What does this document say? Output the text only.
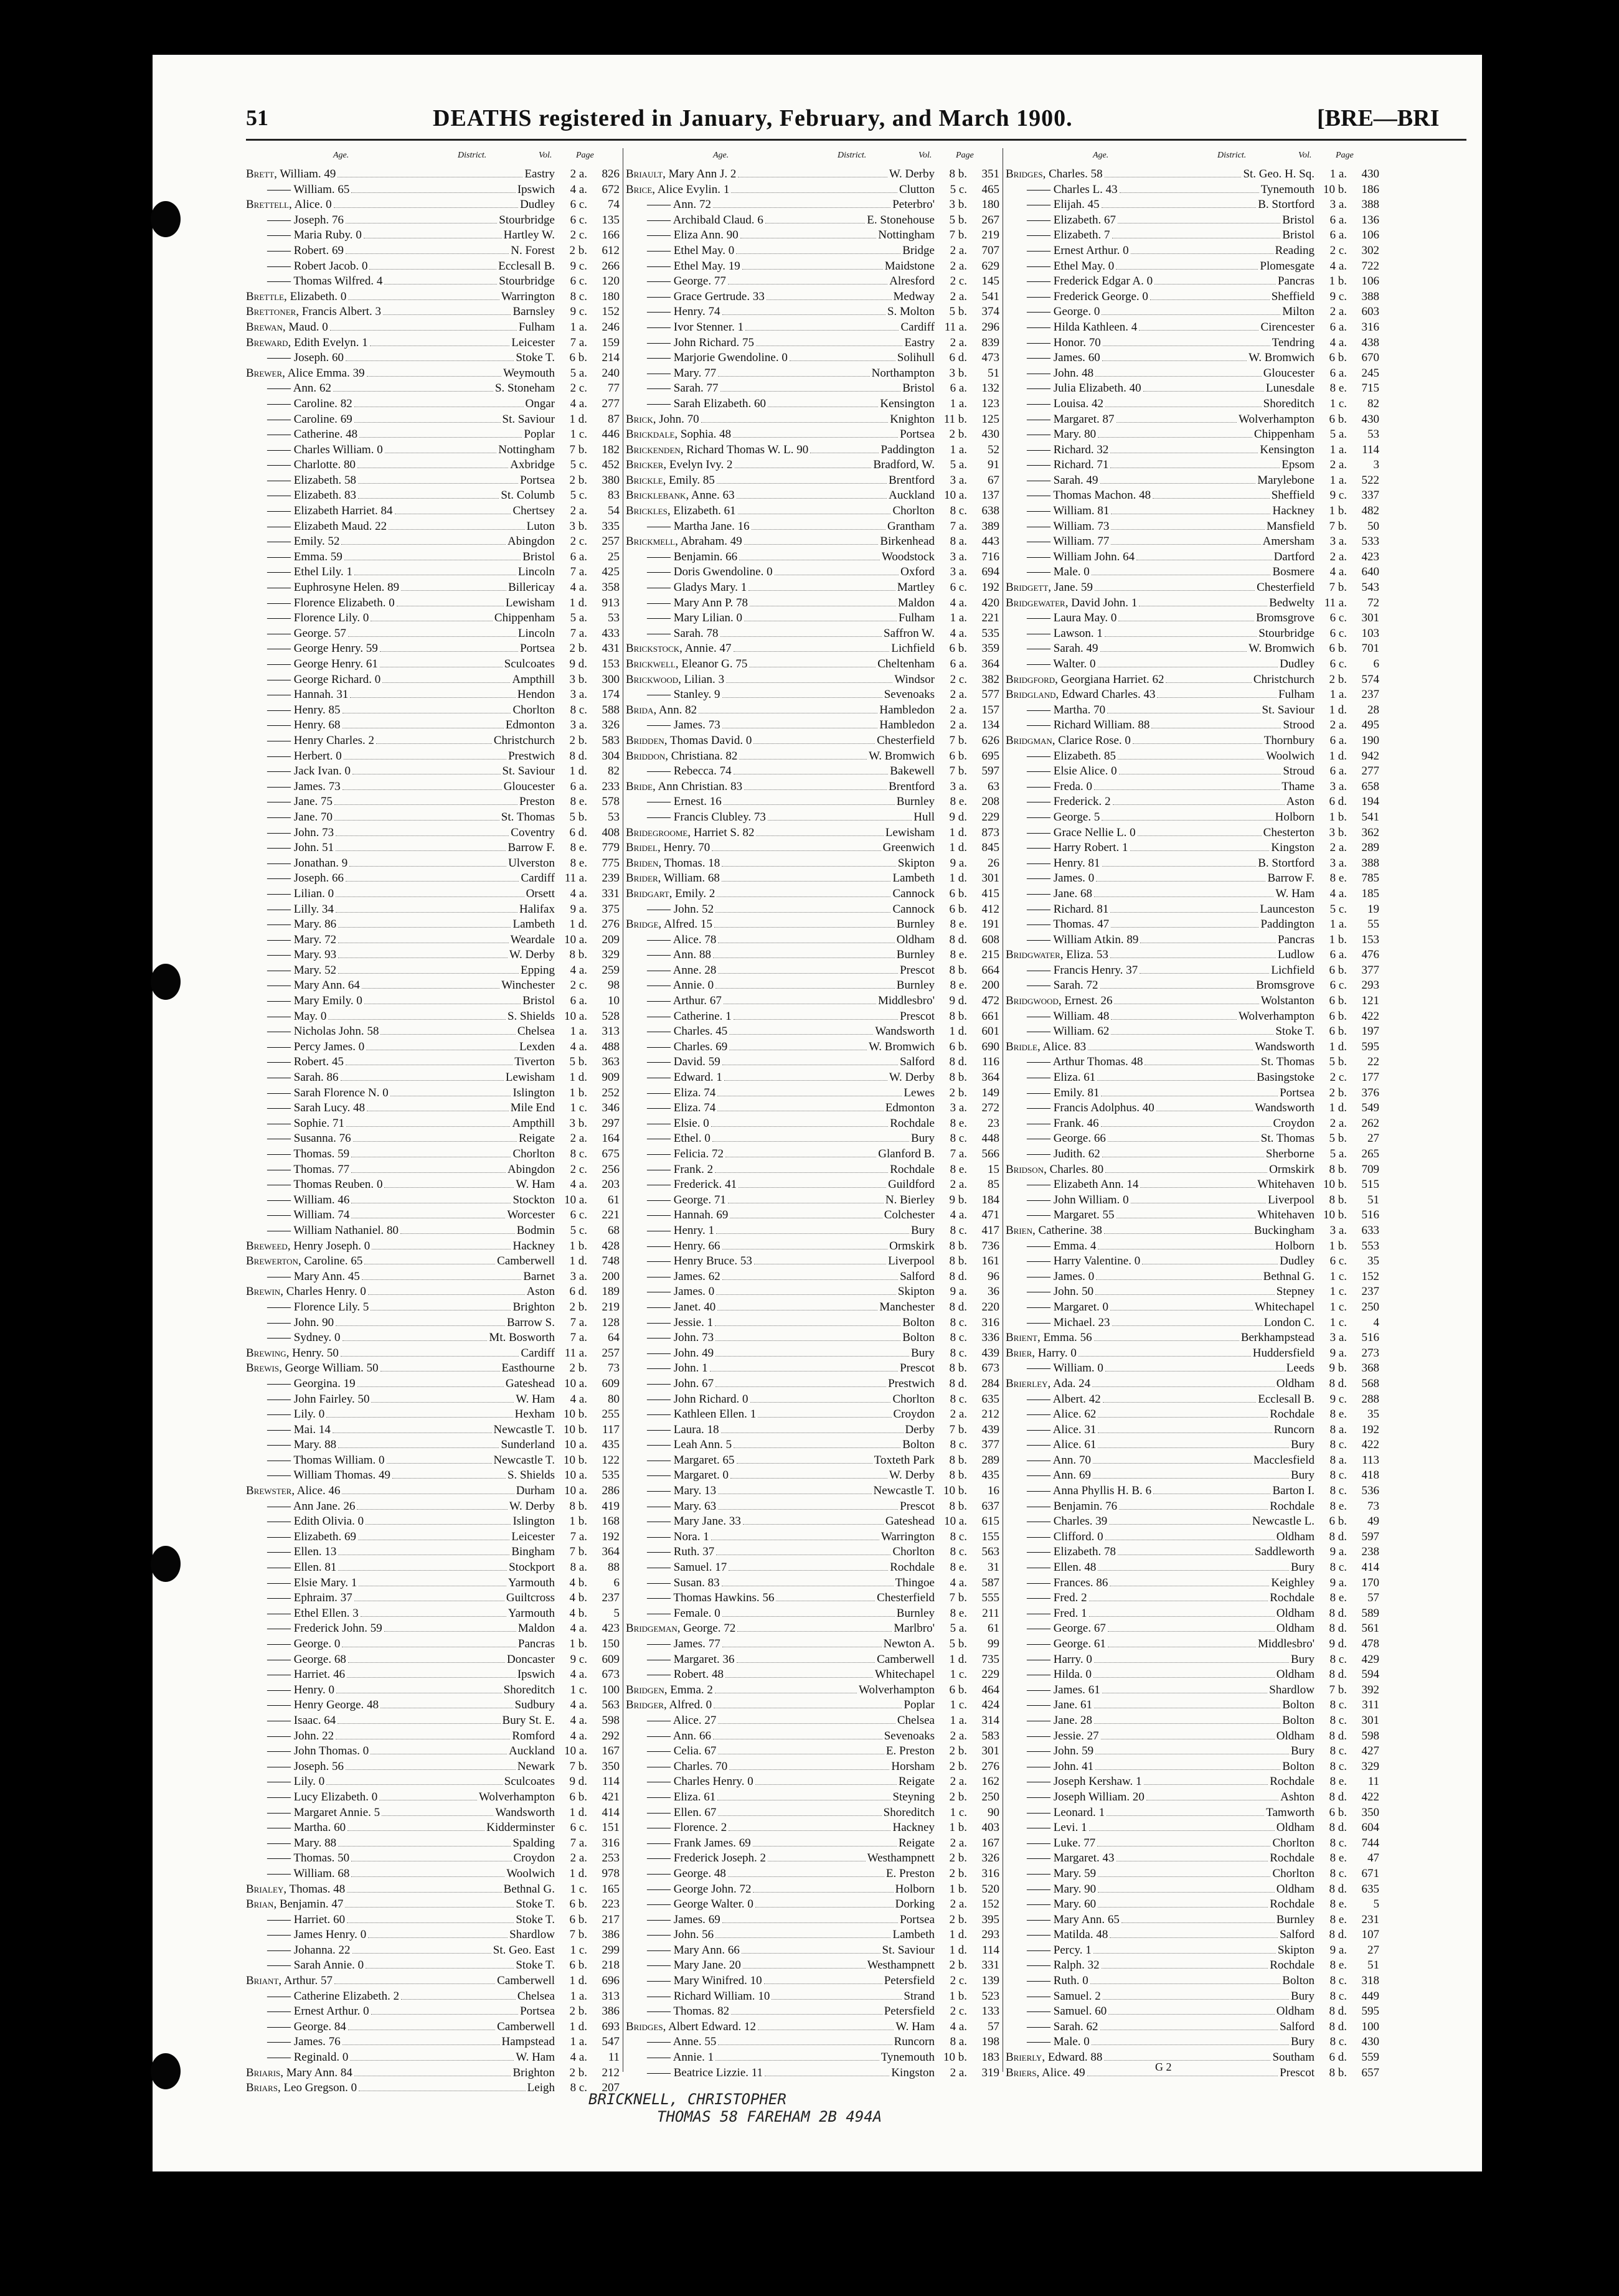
51	DEATHS registered in January, February, and March 1900.	[BRE—BRI
Age.	District.	Vol.	Page
Brett, William. 49	Eastry	2 a.	826
—— William. 65	Ipswich	4 a.	672
Brettell, Alice. 0	Dudley	6 c.	74
—— Joseph. 76	Stourbridge	6 c.	135
—— Maria Ruby. 0	Hartley W.	2 c.	166
—— Robert. 69	N. Forest	2 b.	612
—— Robert Jacob. 0	Ecclesall B.	9 c.	266
—— Thomas Wilfred. 4	Stourbridge	6 c.	120
Brettle, Elizabeth. 0	Warrington	8 c.	180
Brettoner, Francis Albert. 3	Barnsley	9 c.	152
Brewan, Maud. 0	Fulham	1 a.	246
Breward, Edith Evelyn. 1	Leicester	7 a.	159
—— Joseph. 60	Stoke T.	6 b.	214
Brewer, Alice Emma. 39	Weymouth	5 a.	240
—— Ann. 62	S. Stoneham	2 c.	77
—— Caroline. 82	Ongar	4 a.	277
—— Caroline. 69	St. Saviour	1 d.	87
—— Catherine. 48	Poplar	1 c.	446
—— Charles William. 0	Nottingham	7 b.	182
—— Charlotte. 80	Axbridge	5 c.	452
—— Elizabeth. 58	Portsea	2 b.	380
—— Elizabeth. 83	St. Columb	5 c.	83
—— Elizabeth Harriet. 84	Chertsey	2 a.	54
—— Elizabeth Maud. 22	Luton	3 b.	335
—— Emily. 52	Abingdon	2 c.	257
—— Emma. 59	Bristol	6 a.	25
—— Ethel Lily. 1	Lincoln	7 a.	425
—— Euphrosyne Helen. 89	Billericay	4 a.	358
—— Florence Elizabeth. 0	Lewisham	1 d.	913
—— Florence Lily. 0	Chippenham	5 a.	53
—— George. 57	Lincoln	7 a.	433
—— George Henry. 59	Portsea	2 b.	431
—— George Henry. 61	Sculcoates	9 d.	153
—— George Richard. 0	Ampthill	3 b.	300
—— Hannah. 31	Hendon	3 a.	174
—— Henry. 85	Chorlton	8 c.	588
—— Henry. 68	Edmonton	3 a.	326
—— Henry Charles. 2	Christchurch	2 b.	583
—— Herbert. 0	Prestwich	8 d.	304
—— Jack Ivan. 0	St. Saviour	1 d.	82
—— James. 73	Gloucester	6 a.	233
—— Jane. 75	Preston	8 e.	578
—— Jane. 70	St. Thomas	5 b.	53
—— John. 73	Coventry	6 d.	408
—— John. 51	Barrow F.	8 e.	779
—— Jonathan. 9	Ulverston	8 e.	775
—— Joseph. 66	Cardiff 11 a.	239
—— Lilian. 0	Orsett	4 a.	331
—— Lilly. 34	Halifax	9 a.	375
—— Mary. 86	Lambeth	1 d.	276
—— Mary. 72	Weardale 10 a.	209
—— Mary. 93	W. Derby	8 b.	329
—— Mary. 52	Epping	4 a.	259
—— Mary Ann. 64	Winchester	2 c.	98
—— Mary Emily. 0	Bristol	6 a.	10
—— May. 0	S. Shields 10 a.	528
—— Nicholas John. 58	Chelsea	1 a.	313
—— Percy James. 0	Lexden	4 a.	488
—— Robert. 45	Tiverton	5 b.	363
—— Sarah. 86	Lewisham	1 d.	909
—— Sarah Florence N. 0	Islington	1 b.	252
—— Sarah Lucy. 48	Mile End	1 c.	346
—— Sophie. 71	Ampthill	3 b.	297
—— Susanna. 76	Reigate	2 a.	164
—— Thomas. 59	Chorlton	8 c.	675
—— Thomas. 77	Abingdon	2 c.	256
—— Thomas Reuben. 0	W. Ham	4 a.	203
—— William. 46	Stockton 10 a.	61
—— William. 74	Worcester	6 c.	221
—— William Nathaniel. 80	Bodmin	5 c.	68
Breweed, Henry Joseph. 0	Hackney	1 b.	428
Brewerton, Caroline. 65	Camberwell	1 d.	748
—— Mary Ann. 45	Barnet	3 a.	200
Brewin, Charles Henry. 0	Aston	6 d.	189
—— Florence Lily. 5	Brighton	2 b.	219
—— John. 90	Barrow S.	7 a.	128
—— Sydney. 0	Mt. Bosworth	7 a.	64
Brewing, Henry. 50	Cardiff 11 a.	257
Brewis, George William. 50	Easthourne	2 b.	73
—— Georgina. 19	Gateshead 10 a.	609
—— John Fairley. 50	W. Ham	4 a.	80
—— Lily. 0	Hexham 10 b.	255
—— Mai. 14	Newcastle T. 10 b.	117
—— Mary. 88	Sunderland 10 a.	435
—— Thomas William. 0	Newcastle T. 10 b.	122
—— William Thomas. 49	S. Shields 10 a.	535
Brewster, Alice. 46	Durham 10 a.	286
—— Ann Jane. 26	W. Derby	8 b.	419
—— Edith Olivia. 0	Islington	1 b.	168
—— Elizabeth. 69	Leicester	7 a.	192
—— Ellen. 13	Bingham	7 b.	364
—— Ellen. 81	Stockport	8 a.	88
—— Elsie Mary. 1	Yarmouth	4 b.	6
—— Ephraim. 37	Guiltcross	4 b.	237
—— Ethel Ellen. 3	Yarmouth	4 b.	5
—— Frederick John. 59	Maldon	4 a.	423
—— George. 0	Pancras	1 b.	150
—— George. 68	Doncaster	9 c.	609
—— Harriet. 46	Ipswich	4 a.	673
—— Henry. 0	Shoreditch	1 c.	100
—— Henry George. 48	Sudbury	4 a.	563
—— Isaac. 64	Bury St. E.	4 a.	598
—— John. 22	Romford	4 a.	292
—— John Thomas. 0	Auckland 10 a.	167
—— Joseph. 56	Newark	7 b.	350
—— Lily. 0	Sculcoates	9 d.	114
—— Lucy Elizabeth. 0	Wolverhampton	6 b.	421
—— Margaret Annie. 5	Wandsworth	1 d.	414
—— Martha. 60	Kidderminster	6 c.	151
—— Mary. 88	Spalding	7 a.	316
—— Thomas. 50	Croydon	2 a.	253
—— William. 68	Woolwich	1 d.	978
Brialey, Thomas. 48	Bethnal G.	1 c.	165
Brian, Benjamin. 47	Stoke T.	6 b.	223
—— Harriet. 60	Stoke T.	6 b.	217
—— James Henry. 0	Shardlow	7 b.	386
—— Johanna. 22	St. Geo. East	1 c.	299
—— Sarah Annie. 0	Stoke T.	6 b.	218
Briant, Arthur. 57	Camberwell	1 d.	696
—— Catherine Elizabeth. 2	Chelsea	1 a.	313
—— Ernest Arthur. 0	Portsea	2 b.	386
—— George. 84	Camberwell	1 d.	693
—— James. 76	Hampstead	1 a.	547
—— Reginald. 0	W. Ham	4 a.	11
Briaris, Mary Ann. 84	Brighton	2 b.	212
Briars, Leo Gregson. 0	Leigh	8 c.	207
Age.	District.	Vol.	Page
Briault, Mary Ann J. 2	W. Derby	8 b.	351
Brice, Alice Evylin. 1	Clutton	5 c.	465
—— Ann. 72	Peterbro'	3 b.	180
—— Archibald Claud. 6	E. Stonehouse	5 b.	267
—— Eliza Ann. 90	Nottingham	7 b.	219
—— Ethel May. 0	Bridge	2 a.	707
—— Ethel May. 19	Maidstone	2 a.	629
—— George. 77	Alresford	2 c.	145
—— Grace Gertrude. 33	Medway	2 a.	541
—— Henry. 74	S. Molton	5 b.	374
—— Ivor Stenner. 1	Cardiff 11 a.	296
—— John Richard. 75	Eastry	2 a.	839
—— Marjorie Gwendoline. 0	Solihull	6 d.	473
—— Mary. 77	Northampton	3 b.	51
—— Sarah. 77	Bristol	6 a.	132
—— Sarah Elizabeth. 60	Kensington	1 a.	123
Brick, John. 70	Knighton 11 b.	125
Brickdale, Sophia. 48	Portsea	2 b.	430
Brickenden, Richard Thomas W. L. 90	Paddington	1 a.	52
Bricker, Evelyn Ivy. 2	Bradford, W.	5 a.	91
Brickle, Emily. 85	Brentford	3 a.	67
Bricklebank, Anne. 63	Auckland 10 a.	137
Brickles, Elizabeth. 61	Chorlton	8 c.	638
—— Martha Jane. 16	Grantham	7 a.	389
Brickmell, Abraham. 49	Birkenhead	8 a.	443
—— Benjamin. 66	Woodstock	3 a.	716
—— Doris Gwendoline. 0	Oxford	3 a.	694
—— Gladys Mary. 1	Martley	6 c.	192
—— Mary Ann P. 78	Maldon	4 a.	420
—— Mary Lilian. 0	Fulham	1 a.	221
—— Sarah. 78	Saffron W.	4 a.	535
Brickstock, Annie. 47	Lichfield	6 b.	359
Brickwell, Eleanor G. 75	Cheltenham	6 a.	364
Brickwood, Lilian. 3	Windsor	2 c.	382
—— Stanley. 9	Sevenoaks	2 a.	577
Brida, Ann. 82	Hambledon	2 a.	157
—— James. 73	Hambledon	2 a.	134
Bridden, Thomas David. 0	Chesterfield	7 b.	626
Briddon, Christiana. 82	W. Bromwich	6 b.	695
—— Rebecca. 74	Bakewell	7 b.	597
Bride, Ann Christian. 83	Brentford	3 a.	63
—— Ernest. 16	Burnley	8 e.	208
—— Francis Clubley. 73	Hull	9 d.	229
Bridegroome, Harriet S. 82	Lewisham	1 d.	873
Bridel, Henry. 70	Greenwich	1 d.	845
Briden, Thomas. 18	Skipton	9 a.	26
Brider, William. 68	Lambeth	1 d.	301
Bridgart, Emily. 2	Cannock	6 b.	415
—— John. 52	Cannock	6 b.	412
Bridge, Alfred. 15	Burnley	8 e.	191
—— Alice. 78	Oldham	8 d.	608
—— Ann. 88	Burnley	8 e.	215
—— Anne. 28	Prescot	8 b.	664
—— Annie. 0	Burnley	8 e.	200
—— Arthur. 67	Middlesbro'	9 d.	472
—— Catherine. 1	Prescot	8 b.	661
—— Charles. 45	Wandsworth	1 d.	601
—— Charles. 69	W. Bromwich	6 b.	690
—— David. 59	Salford	8 d.	116
—— Edward. 1	W. Derby	8 b.	364
—— Eliza. 74	Lewes	2 b.	149
—— Eliza. 74	Edmonton	3 a.	272
—— Elsie. 0	Rochdale	8 e.	23
—— Ethel. 0	Bury	8 c.	448
—— Felicia. 72	Glanford B.	7 a.	566
—— Frank. 2	Rochdale	8 e.	15
—— Frederick. 41	Guildford	2 a.	85
—— George. 71	N. Bierley	9 b.	184
—— Hannah. 69	Colchester	4 a.	471
—— Henry. 1	Bury	8 c.	417
—— Henry. 66	Ormskirk	8 b.	736
—— Henry Bruce. 53	Liverpool	8 b.	161
—— James. 62	Salford	8 d.	96
—— James. 0	Skipton	9 a.	36
—— Janet. 40	Manchester	8 d.	220
—— Jessie. 1	Bolton	8 c.	316
—— John. 73	Bolton	8 c.	336
—— John. 49	Bury	8 c.	439
—— John. 1	Prescot	8 b.	673
—— John. 67	Prestwich	8 d.	284
—— John Richard. 0	Chorlton	8 c.	635
—— Kathleen Ellen. 1	Croydon	2 a.	212
—— Laura. 18	Derby	7 b.	439
—— Leah Ann. 5	Bolton	8 c.	377
—— Margaret. 65	Toxteth Park	8 b.	289
—— Margaret. 0	W. Derby	8 b.	435
—— Mary. 13	Newcastle T. 10 b.	16
—— Mary. 63	Prescot	8 b.	637
—— Mary Jane. 33	Gateshead 10 a.	615
—— Nora. 1	Warrington	8 c.	155
—— Ruth. 37	Chorlton	8 c.	563
—— Samuel. 17	Rochdale	8 e.	31
—— Susan. 83	Thingoe	4 a.	587
—— Thomas Hawkins. 56	Chesterfield	7 b.	555
—— Female. 0	Burnley	8 e.	211
Bridgeman, George. 72	Marlbro'	5 a.	61
—— James. 77	Newton A.	5 b.	99
—— Margaret. 36	Camberwell	1 d.	735
—— Robert. 48	Whitechapel	1 c.	229
Bridgen, Emma. 2	Wolverhampton	6 b.	464
Bridger, Alfred. 0	Poplar	1 c.	424
—— Alice. 27	Chelsea	1 a.	314
—— Ann. 66	Sevenoaks	2 a.	583
—— Celia. 67	E. Preston	2 b.	301
—— Charles. 70	Horsham	2 b.	276
—— Charles Henry. 0	Reigate	2 a.	162
—— Eliza. 61	Steyning	2 b.	250
—— Ellen. 67	Shoreditch	1 c.	90
—— Florence. 2	Hackney	1 b.	403
—— Frank James. 69	Reigate	2 a.	167
—— Frederick Joseph. 2	Westhampnett	2 b.	326
—— George. 48	E. Preston	2 b.	316
—— George John. 72	Holborn	1 b.	520
—— George Walter. 0	Dorking	2 a.	152
—— James. 69	Portsea	2 b.	395
—— John. 56	Lambeth	1 d.	293
—— Mary Ann. 66	St. Saviour	1 d.	114
—— Mary Jane. 20	Westhampnett	2 b.	331
—— Mary Winifred. 10	Petersfield	2 c.	139
—— Richard William. 10	Strand	1 b.	523
—— Thomas. 82	Petersfield	2 c.	133
Bridges, Albert Edward. 12	W. Ham	4 a.	57
—— Anne. 55	Runcorn	8 a.	198
—— Annie. 1	Tynemouth 10 b.	183
—— Beatrice Lizzie. 11	Kingston	2 a.	319
Age.	District.	Vol.	Page
Bridges, Charles. 58	St. Geo. H. Sq.	1 a.	430
—— Charles L. 43	Tynemouth 10 b.	186
—— Elijah. 45	B. Stortford	3 a.	388
—— Elizabeth. 67	Bristol	6 a.	136
—— Elizabeth. 7	Bristol	6 a.	106
—— Ernest Arthur. 0	Reading	2 c.	302
—— Ethel May. 0	Plomesgate	4 a.	722
—— Frederick Edgar A. 0	Pancras	1 b.	106
—— Frederick George. 0	Sheffield	9 c.	388
—— George. 0	Milton	2 a.	603
—— Hilda Kathleen. 4	Cirencester	6 a.	316
—— Honor. 70	Tendring	4 a.	438
—— James. 60	W. Bromwich	6 b.	670
—— John. 48	Gloucester	6 a.	245
—— Julia Elizabeth. 40	Lunesdale	8 e.	715
—— Louisa. 42	Shoreditch	1 c.	82
—— Margaret. 87	Wolverhampton	6 b.	430
—— Mary. 80	Chippenham	5 a.	53
—— Richard. 32	Kensington	1 a.	114
—— Richard. 71	Epsom	2 a.	3
—— Sarah. 49	Marylebone	1 a.	522
—— Thomas Machon. 48	Sheffield	9 c.	337
—— William. 81	Hackney	1 b.	482
—— William. 73	Mansfield	7 b.	50
—— William. 77	Amersham	3 a.	533
—— William John. 64	Dartford	2 a.	423
—— Male. 0	Bosmere	4 a.	640
Bridgett, Jane. 59	Chesterfield	7 b.	543
Bridgewater, David John. 1	Bedwelty 11 a.	72
—— Laura May. 0	Bromsgrove	6 c.	301
—— Lawson. 1	Stourbridge	6 c.	103
—— Sarah. 49	W. Bromwich	6 b.	701
—— Walter. 0	Dudley	6 c.	6
Bridgford, Georgiana Harriet. 62	Christchurch	2 b.	574
Bridgland, Edward Charles. 43	Fulham	1 a.	237
—— Martha. 70	St. Saviour	1 d.	28
—— Richard William. 88	Strood	2 a.	495
Bridgman, Clarice Rose. 0	Thornbury	6 a.	190
—— Elizabeth. 85	Woolwich	1 d.	942
—— Elsie Alice. 0	Stroud	6 a.	277
—— Freda. 0	Thame	3 a.	658
—— Frederick. 2	Aston	6 d.	194
—— George. 5	Holborn	1 b.	541
—— Grace Nellie L. 0	Chesterton	3 b.	362
—— Harry Robert. 1	Kingston	2 a.	289
—— Henry. 81	B. Stortford	3 a.	388
—— James. 0	Barrow F.	8 e.	785
—— Jane. 68	W. Ham	4 a.	185
—— Richard. 81	Launceston	5 c.	19
—— Thomas. 47	Paddington	1 a.	55
—— William Atkin. 89	Pancras	1 b.	153
Bridgwater, Eliza. 53	Ludlow	6 a.	476
—— Francis Henry. 37	Lichfield	6 b.	377
—— Sarah. 72	Bromsgrove	6 c.	293
Bridgwood, Ernest. 26	Wolstanton	6 b.	121
—— William. 48	Wolverhampton	6 b.	422
—— William. 62	Stoke T.	6 b.	197
Bridle, Alice. 83	Wandsworth	1 d.	595
—— Arthur Thomas. 48	St. Thomas	5 b.	22
—— Eliza. 61	Basingstoke	2 c.	177
—— Emily. 81	Portsea	2 b.	376
—— Francis Adolphus. 40	Wandsworth	1 d.	549
—— Frank. 46	Croydon	2 a.	262
—— George. 66	St. Thomas	5 b.	27
—— Judith. 62	Sherborne	5 a.	265
Bridson, Charles. 80	Ormskirk	8 b.	709
—— Elizabeth Ann. 14	Whitehaven 10 b.	515
—— John William. 0	Liverpool	8 b.	51
—— Margaret. 55	Whitehaven 10 b.	516
Brien, Catherine. 38	Buckingham	3 a.	633
—— Emma. 4	Holborn	1 b.	553
—— Harry Valentine. 0	Dudley	6 c.	35
—— James. 0	Bethnal G.	1 c.	152
—— John. 50	Stepney	1 c.	237
—— Margaret. 0	Whitechapel	1 c.	250
—— Michael. 23	London C.	1 c.	4
Brient, Emma. 56	Berkhampstead	3 a.	516
Brier, Harry. 0	Huddersfield	9 a.	273
—— William. 0	Leeds	9 b.	368
Brierley, Ada. 24	Oldham	8 d.	568
—— Albert. 42	Ecclesall B.	9 c.	288
—— Alice. 62	Rochdale	8 e.	35
—— Alice. 31	Runcorn	8 a.	192
—— Alice. 61	Bury	8 c.	422
—— Ann. 70	Macclesfield	8 a.	113
—— Ann. 69	Bury	8 c.	418
—— Anna Phyllis H. B. 6	Barton I.	8 c.	536
—— Benjamin. 76	Rochdale	8 e.	73
—— Charles. 39	Newcastle L.	6 b.	49
—— Clifford. 0	Oldham	8 d.	597
—— Elizabeth. 78	Saddleworth	9 a.	238
—— Ellen. 48	Bury	8 c.	414
—— Frances. 86	Keighley	9 a.	170
—— Fred. 2	Rochdale	8 e.	57
—— Fred. 1	Oldham	8 d.	589
—— George. 67	Oldham	8 d.	561
—— George. 61	Middlesbro'	9 d.	478
—— Harry. 0	Bury	8 c.	429
—— Hilda. 0	Oldham	8 d.	594
—— James. 61	Shardlow	7 b.	392
—— Jane. 61	Bolton	8 c.	311
—— Jane. 28	Bolton	8 c.	301
—— Jessie. 27	Oldham	8 d.	598
—— John. 59	Bury	8 c.	427
—— John. 41	Bolton	8 c.	329
—— Joseph Kershaw. 1	Rochdale	8 e.	11
—— Joseph William. 20	Ashton	8 d.	422
—— Leonard. 1	Tamworth	6 b.	350
—— Levi. 1	Oldham	8 d.	604
—— Luke. 77	Chorlton	8 c.	744
—— Margaret. 43	Rochdale	8 e.	47
—— Mary. 59	Chorlton	8 c.	671
—— Mary. 90	Oldham	8 d.	635
—— Mary. 60	Rochdale	8 e.	5
—— Mary Ann. 65	Burnley	8 e.	231
—— Matilda. 48	Salford	8 d.	107
—— Percy. 1	Skipton	9 a.	27
—— Ralph. 32	Rochdale	8 e.	51
—— Ruth. 0	Bolton	8 c.	318
—— Samuel. 2	Bury	8 c.	449
—— Samuel. 60	Oldham	8 d.	595
—— Sarah. 62	Salford	8 d.	100
—— Male. 0	Bury	8 c.	430
Brierly, Edward. 88	Southam	6 d.	559
Briers, Alice. 49	Prescot	8 b.	657
G 2
BRICKNELL, CHRISTOPHER
THOMAS 58 FAREHAM 2B 494A
